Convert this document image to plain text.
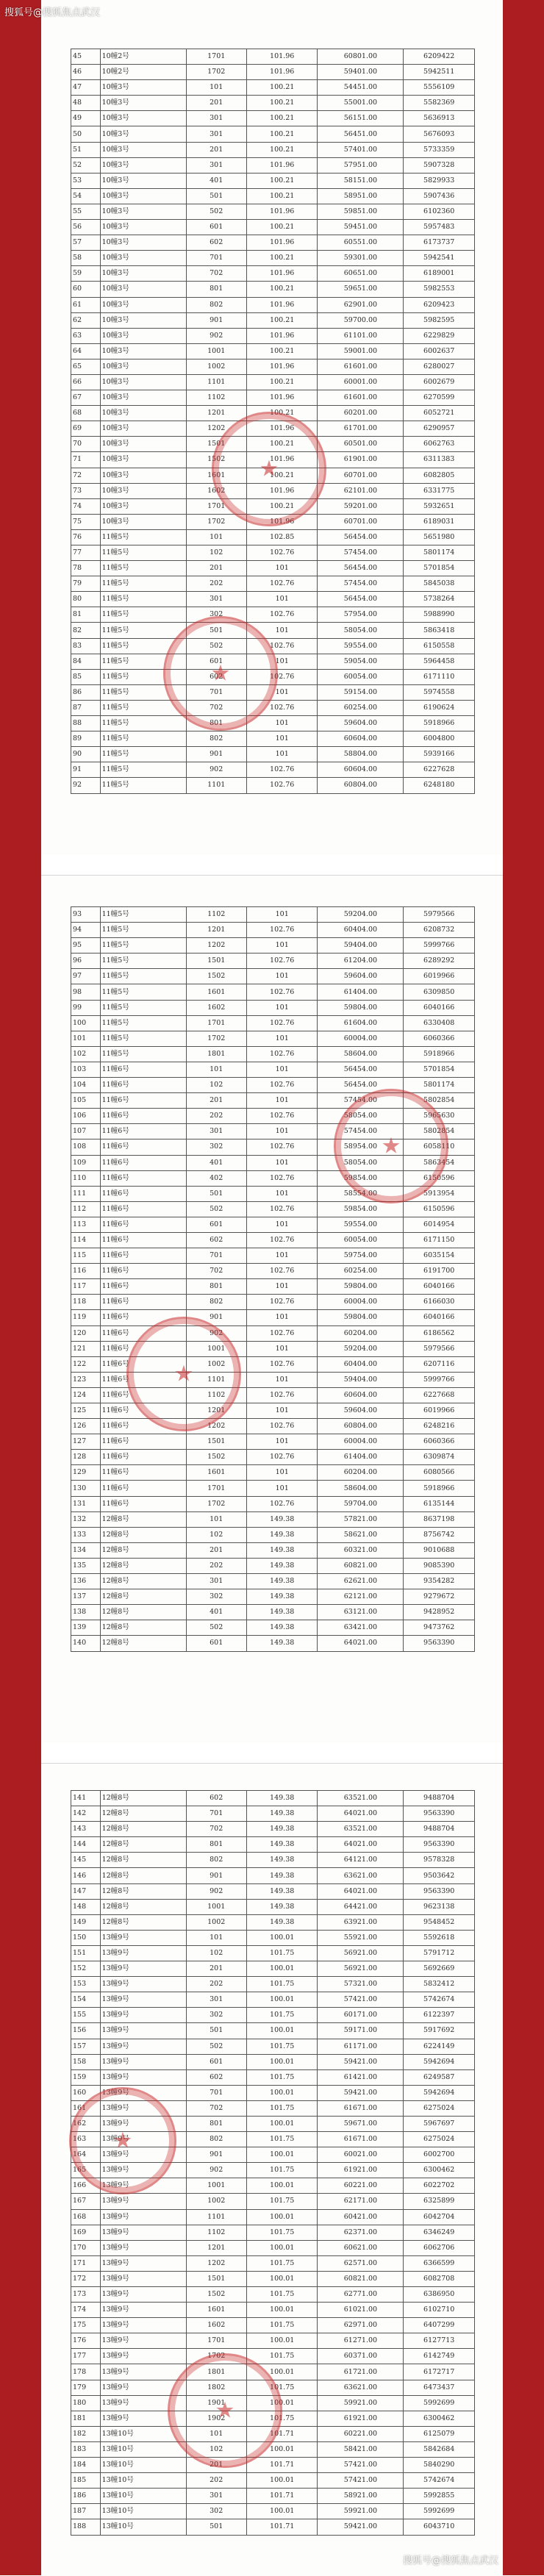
45	10幢2号	1701	101.96	60801.00	6209422
46	10幢2号	1702	101.96	59401.00	5942511
47	10幢3号	101	100.21	54451.00	5556109
48	10幢3号	201	100.21	55001.00	5582369
49	10幢3号	301	100.21	56151.00	5636913
50	10幢3号	301	100.21	56451.00	5676093
51	10幢3号	201	100.21	57401.00	5733359
52	10幢3号	301	101.96	57951.00	5907328
53	10幢3号	401	100.21	58151.00	5829933
54	10幢3号	501	100.21	58951.00	5907436
55	10幢3号	502	101.96	59851.00	6102360
56	10幢3号	601	100.21	59451.00	5957483
57	10幢3号	602	101.96	60551.00	6173737
58	10幢3号	701	100.21	59301.00	5942541
59	10幢3号	702	101.96	60651.00	6189001
60	10幢3号	801	100.21	59651.00	5982553
61	10幢3号	802	101.96	62901.00	6209423
62	10幢3号	901	100.21	59700.00	5982595
63	10幢3号	902	101.96	61101.00	6229829
64	10幢3号	1001	100.21	59001.00	6002637
65	10幢3号	1002	101.96	61601.00	6280027
66	10幢3号	1101	100.21	60001.00	6002679
67	10幢3号	1102	101.96	61601.00	6270599
68	10幢3号	1201	100.21	60201.00	6052721
69	10幢3号	1202	101.96	61701.00	6290957
70	10幢3号	1501	100.21	60501.00	6062763
71	10幢3号	1502	101.96	61901.00	6311383
72	10幢3号	1601	100.21	60701.00	6082805
73	10幢3号	1602	101.96	62101.00	6331775
74	10幢3号	1701	100.21	59201.00	5932651
75	10幢3号	1702	101.96	60701.00	6189031
76	11幢5号	101	102.85	56454.00	5651980
77	11幢5号	102	102.76	57454.00	5801174
78	11幢5号	201	101	56454.00	5701854
79	11幢5号	202	102.76	57454.00	5845038
80	11幢5号	301	101	56454.00	5738264
81	11幢5号	302	102.76	57954.00	5988990
82	11幢5号	501	101	58054.00	5863418
83	11幢5号	502	102.76	59554.00	6150558
84	11幢5号	601	101	59054.00	5964458
85	11幢5号	602	102.76	60054.00	6171110
86	11幢5号	701	101	59154.00	5974558
87	11幢5号	702	102.76	60254.00	6190624
88	11幢5号	801	101	59604.00	5918966
89	11幢5号	802	101	60604.00	6004800
90	11幢5号	901	101	58804.00	5939166
91	11幢5号	902	102.76	60604.00	6227628
92	11幢5号	1101	102.76	60804.00	6248180
★
★
93	11幢5号	1102	101	59204.00	5979566
94	11幢5号	1201	102.76	60404.00	6208732
95	11幢5号	1202	101	59404.00	5999766
96	11幢5号	1501	102.76	61204.00	6289292
97	11幢5号	1502	101	59604.00	6019966
98	11幢5号	1601	102.76	61404.00	6309850
99	11幢5号	1602	101	59804.00	6040166
100	11幢5号	1701	102.76	61604.00	6330408
101	11幢5号	1702	101	60004.00	6060366
102	11幢5号	1801	102.76	58604.00	5918966
103	11幢6号	101	101	56454.00	5701854
104	11幢6号	102	102.76	56454.00	5801174
105	11幢6号	201	101	57454.00	5802854
106	11幢6号	202	102.76	58054.00	5965630
107	11幢6号	301	101	57454.00	5802854
108	11幢6号	302	102.76	58954.00	6058110
109	11幢6号	401	101	58054.00	5863454
110	11幢6号	402	102.76	59854.00	6150596
111	11幢6号	501	101	58554.00	5913954
112	11幢6号	502	102.76	59854.00	6150596
113	11幢6号	601	101	59554.00	6014954
114	11幢6号	602	102.76	60054.00	6171150
115	11幢6号	701	101	59754.00	6035154
116	11幢6号	702	102.76	60254.00	6191700
117	11幢6号	801	101	59804.00	6040166
118	11幢6号	802	102.76	60004.00	6166030
119	11幢6号	901	101	59804.00	6040166
120	11幢6号	902	102.76	60204.00	6186562
121	11幢6号	1001	101	59204.00	5979566
122	11幢6号	1002	102.76	60404.00	6207116
123	11幢6号	1101	101	59404.00	5999766
124	11幢6号	1102	102.76	60604.00	6227668
125	11幢6号	1201	101	59604.00	6019966
126	11幢6号	1202	102.76	60804.00	6248216
127	11幢6号	1501	101	60004.00	6060366
128	11幢6号	1502	102.76	61404.00	6309874
129	11幢6号	1601	101	60204.00	6080566
130	11幢6号	1701	101	58604.00	5918966
131	11幢6号	1702	102.76	59704.00	6135144
132	12幢8号	101	149.38	57821.00	8637198
133	12幢8号	102	149.38	58621.00	8756742
134	12幢8号	201	149.38	60321.00	9010688
135	12幢8号	202	149.38	60821.00	9085390
136	12幢8号	301	149.38	62621.00	9354282
137	12幢8号	302	149.38	62121.00	9279672
138	12幢8号	401	149.38	63121.00	9428952
139	12幢8号	502	149.38	63421.00	9473762
140	12幢8号	601	149.38	64021.00	9563390
★
★
141	12幢8号	602	149.38	63521.00	9488704
142	12幢8号	701	149.38	64021.00	9563390
143	12幢8号	702	149.38	63521.00	9488704
144	12幢8号	801	149.38	64021.00	9563390
145	12幢8号	802	149.38	64121.00	9578328
146	12幢8号	901	149.38	63621.00	9503642
147	12幢8号	902	149.38	64021.00	9563390
148	12幢8号	1001	149.38	64421.00	9623138
149	12幢8号	1002	149.38	63921.00	9548452
150	13幢9号	101	100.01	55921.00	5592618
151	13幢9号	102	101.75	56921.00	5791712
152	13幢9号	201	100.01	56921.00	5692669
153	13幢9号	202	101.75	57321.00	5832412
154	13幢9号	301	100.01	57421.00	5742674
155	13幢9号	302	101.75	60171.00	6122397
156	13幢9号	501	100.01	59171.00	5917692
157	13幢9号	502	101.75	61171.00	6224149
158	13幢9号	601	100.01	59421.00	5942694
159	13幢9号	602	101.75	61421.00	6249587
160	13幢9号	701	100.01	59421.00	5942694
161	13幢9号	702	101.75	61671.00	6275024
162	13幢9号	801	100.01	59671.00	5967697
163	13幢9号	802	101.75	61671.00	6275024
164	13幢9号	901	100.01	60021.00	6002700
165	13幢9号	902	101.75	61921.00	6300462
166	13幢9号	1001	100.01	60221.00	6022702
167	13幢9号	1002	101.75	62171.00	6325899
168	13幢9号	1101	100.01	60421.00	6042704
169	13幢9号	1102	101.75	62371.00	6346249
170	13幢9号	1201	100.01	60621.00	6062706
171	13幢9号	1202	101.75	62571.00	6366599
172	13幢9号	1501	100.01	60821.00	6082708
173	13幢9号	1502	101.75	62771.00	6386950
174	13幢9号	1601	100.01	61021.00	6102710
175	13幢9号	1602	101.75	62971.00	6407299
176	13幢9号	1701	100.01	61271.00	6127713
177	13幢9号	1702	101.75	60371.00	6142749
178	13幢9号	1801	100.01	61721.00	6172717
179	13幢9号	1802	101.75	63621.00	6473437
180	13幢9号	1901	100.01	59921.00	5992699
181	13幢9号	1902	101.75	61921.00	6300462
182	13幢10号	101	101.71	60221.00	6125079
183	13幢10号	102	100.01	58421.00	5842684
184	13幢10号	201	101.71	57421.00	5840290
185	13幢10号	202	100.01	57421.00	5742674
186	13幢10号	301	101.71	58921.00	5992855
187	13幢10号	302	100.01	59921.00	5992699
188	13幢10号	501	101.71	59421.00	6043710
★
★
搜狐号@搜狐焦点武汉
搜狐号@搜狐焦点武汉
